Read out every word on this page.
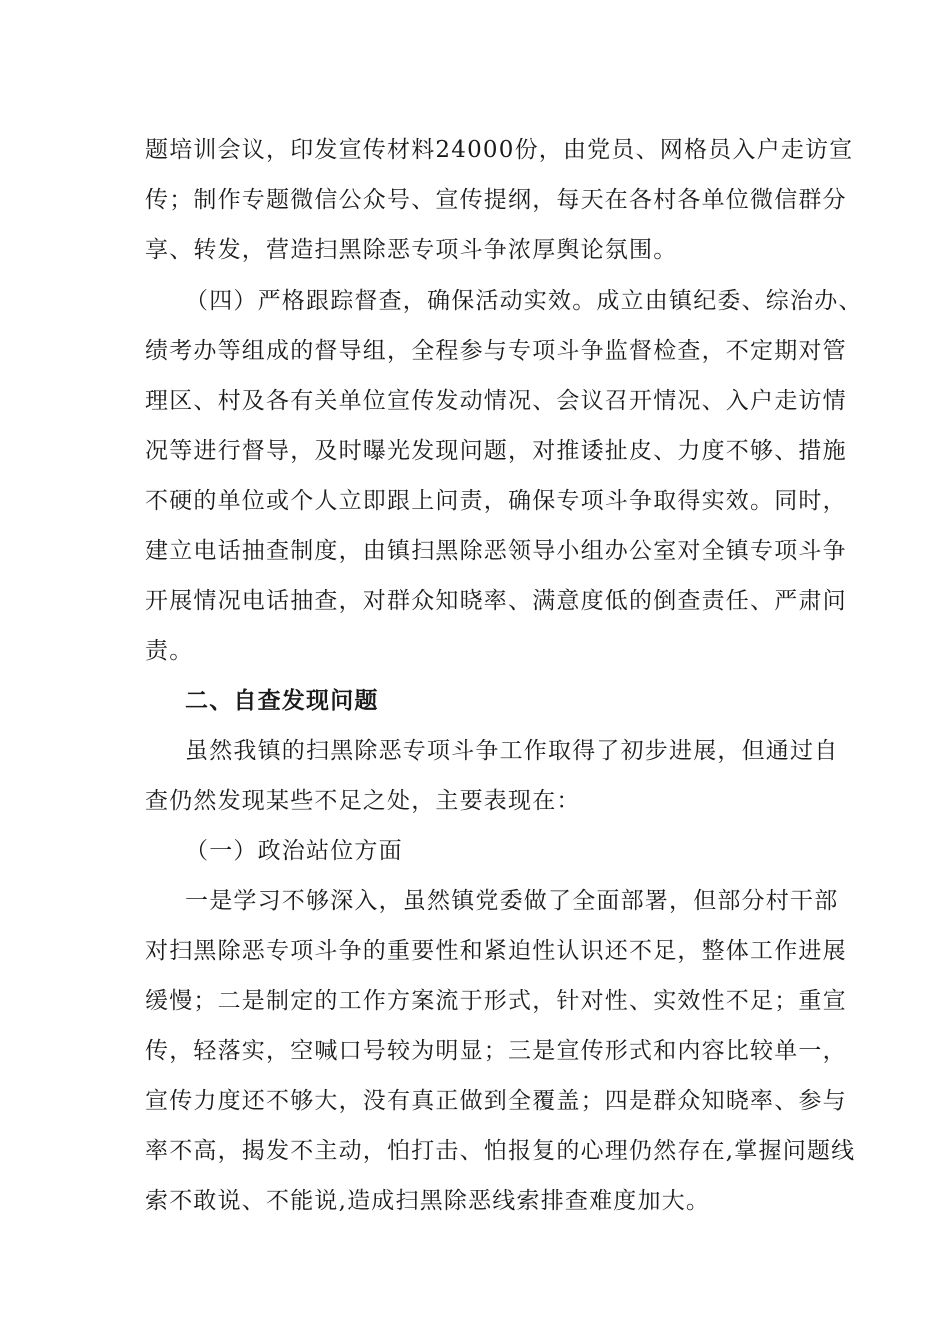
题培训会议，印发宣传材料24000份，由党员、网格员入户走访宣
传；制作专题微信公众号、宣传提纲，每天在各村各单位微信群分
享、转发，营造扫黑除恶专项斗争浓厚舆论氛围。
（四）严格跟踪督查，确保活动实效。成立由镇纪委、综治办、
绩考办等组成的督导组，全程参与专项斗争监督检查，不定期对管
理区、村及各有关单位宣传发动情况、会议召开情况、入户走访情
况等进行督导，及时曝光发现问题，对推诿扯皮、力度不够、措施
不硬的单位或个人立即跟上问责，确保专项斗争取得实效。同时，
建立电话抽查制度，由镇扫黑除恶领导小组办公室对全镇专项斗争
开展情况电话抽查，对群众知晓率、满意度低的倒查责任、严肃问
责。
二、自查发现问题
虽然我镇的扫黑除恶专项斗争工作取得了初步进展，但通过自
查仍然发现某些不足之处，主要表现在：
（一）政治站位方面
一是学习不够深入，虽然镇党委做了全面部署，但部分村干部
对扫黑除恶专项斗争的重要性和紧迫性认识还不足，整体工作进展
缓慢；二是制定的工作方案流于形式，针对性、实效性不足；重宣
传，轻落实，空喊口号较为明显；三是宣传形式和内容比较单一，
宣传力度还不够大，没有真正做到全覆盖；四是群众知晓率、参与
率不高，揭发不主动，怕打击、怕报复的心理仍然存在,掌握问题线
索不敢说、不能说,造成扫黑除恶线索排查难度加大。
